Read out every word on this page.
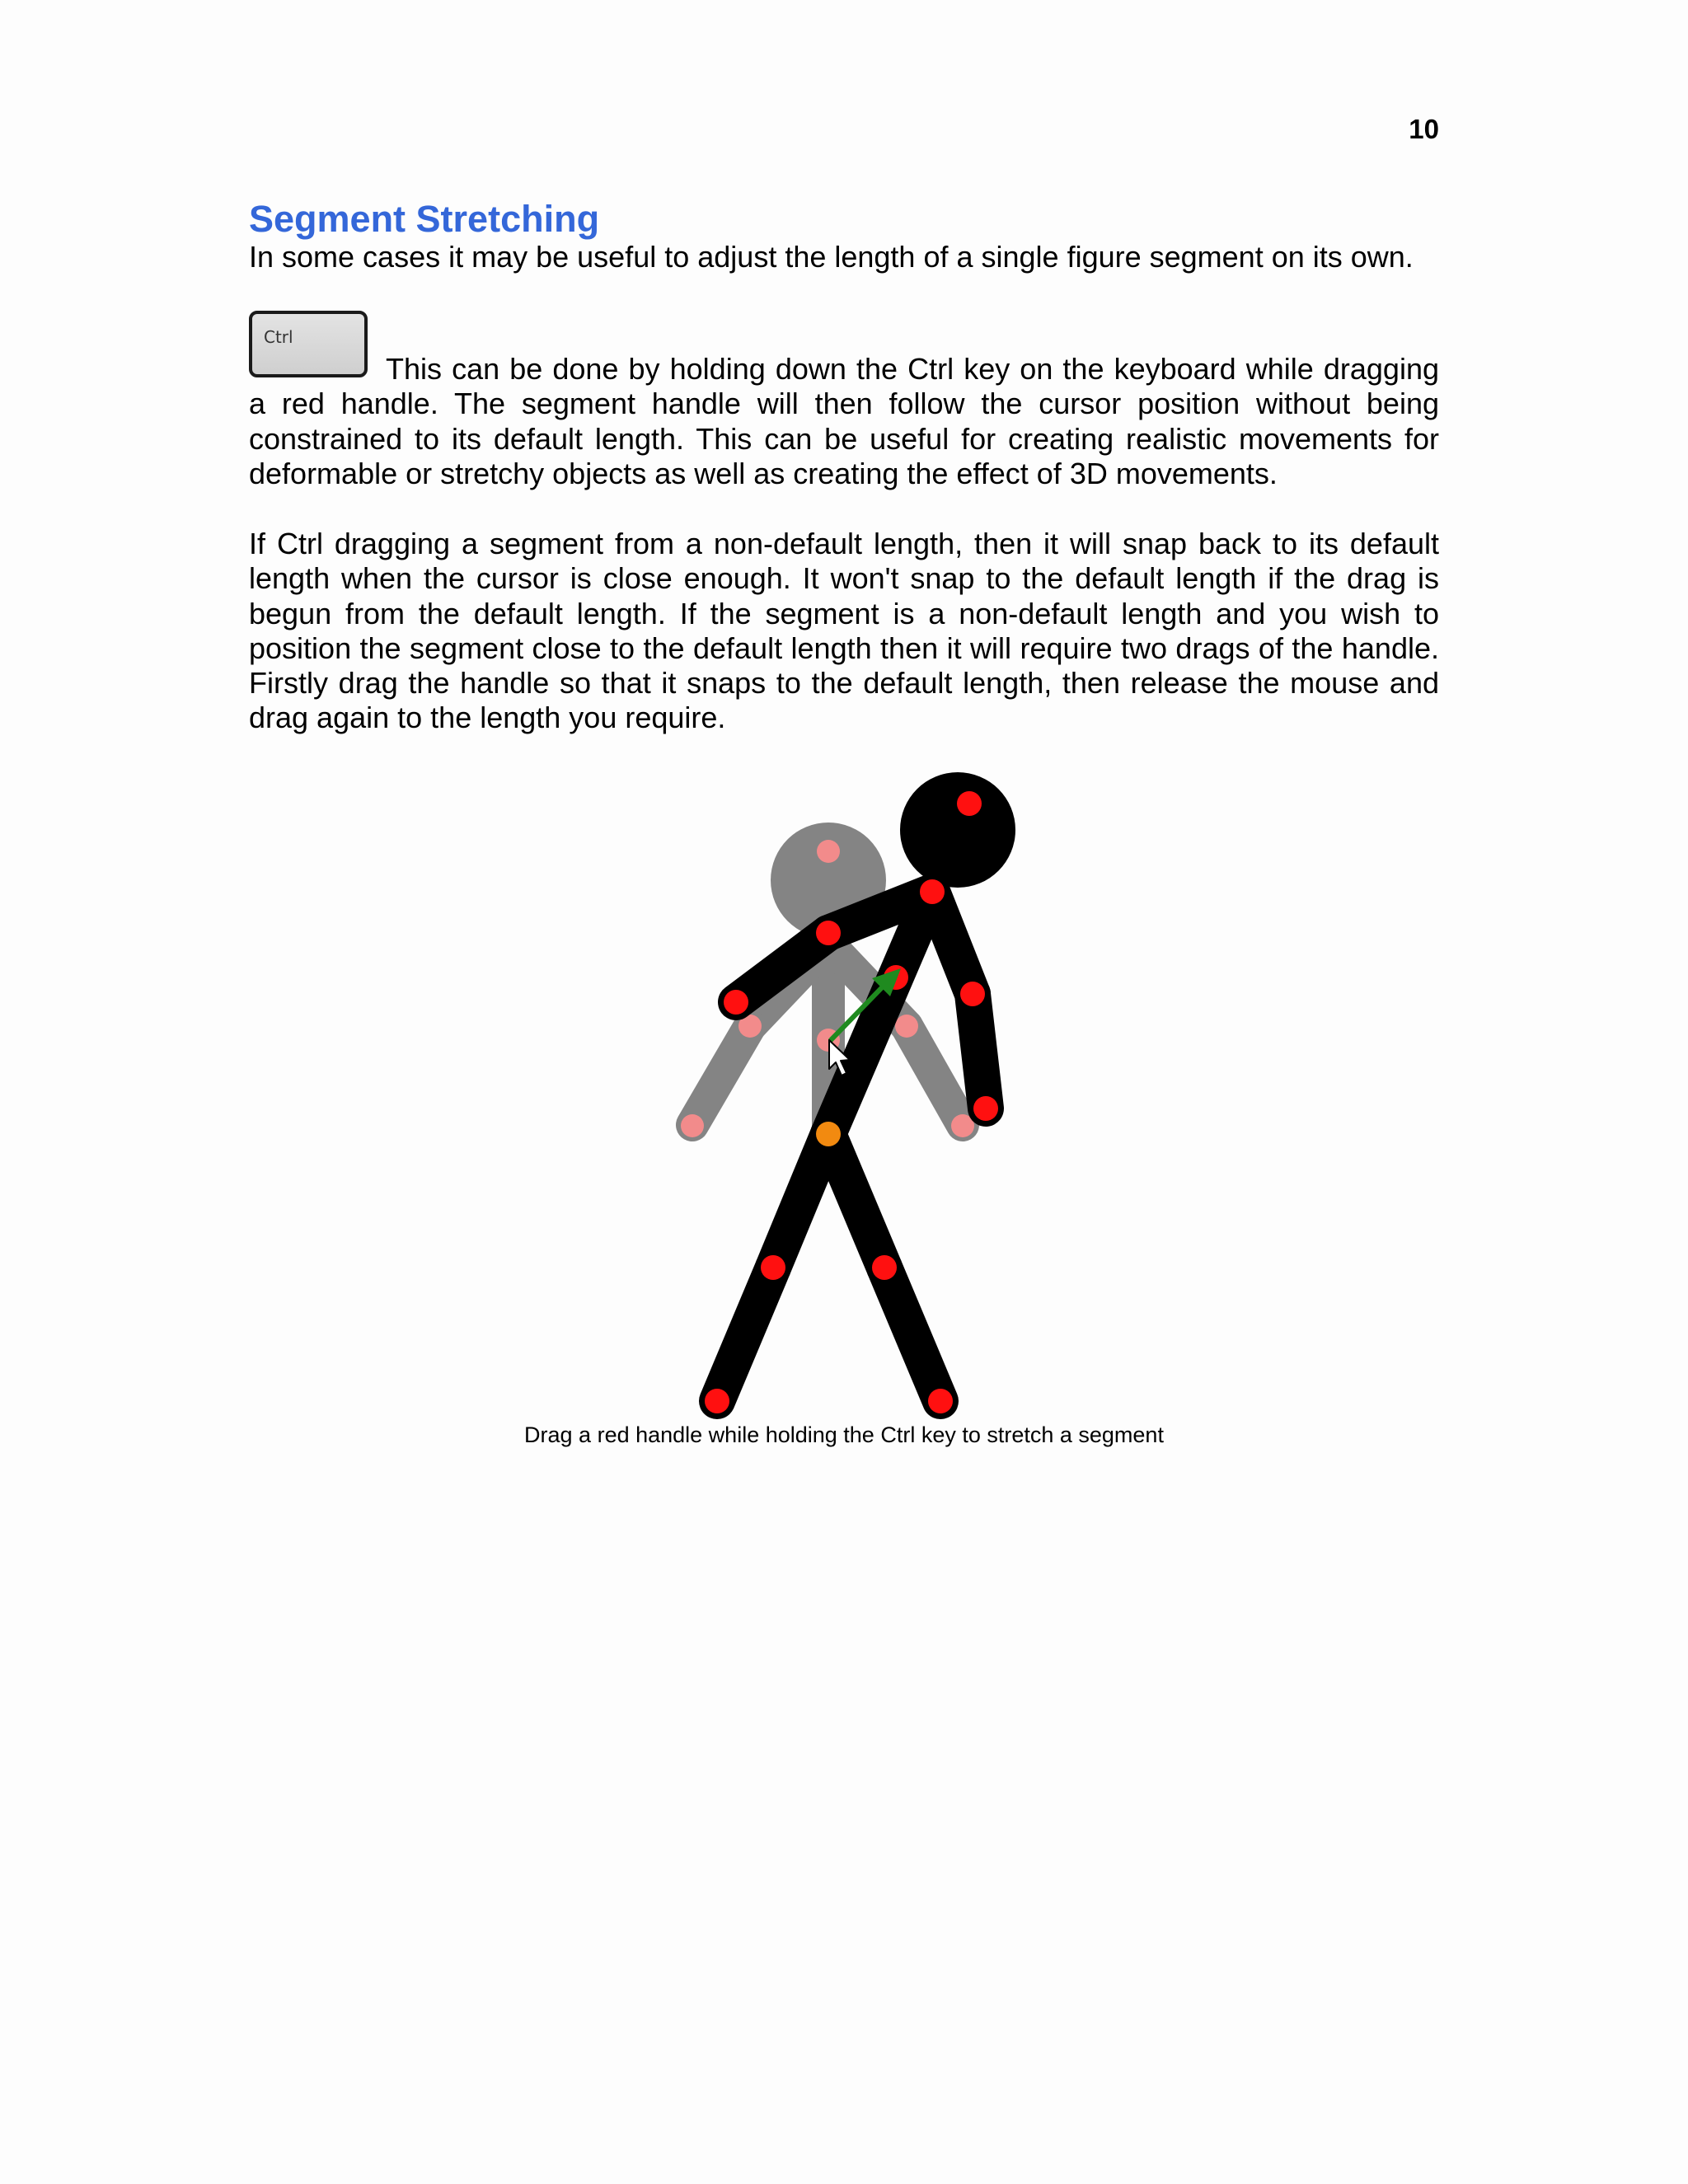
10
Segment Stretching

In some cases it may be useful to adjust the length of a single figure segment on its own.

Ctrl

This can be done by holding down the Ctrl key on the keyboard while dragging a red handle. The segment handle will then follow the cursor position without being constrained to its default length. This can be useful for creating realistic movements for deformable or stretchy objects as well as creating the effect of 3D movements.

If Ctrl dragging a segment from a non-default length, then it will snap back to its default length when the cursor is close enough. It won't snap to the default length if the drag is begun from the default length. If the segment is a non-default length and you wish to position the segment close to the default length then it will require two drags of the handle. Firstly drag the handle so that it snaps to the default length, then release the mouse and drag again to the length you require.

Drag a red handle while holding the Ctrl key to stretch a segment
